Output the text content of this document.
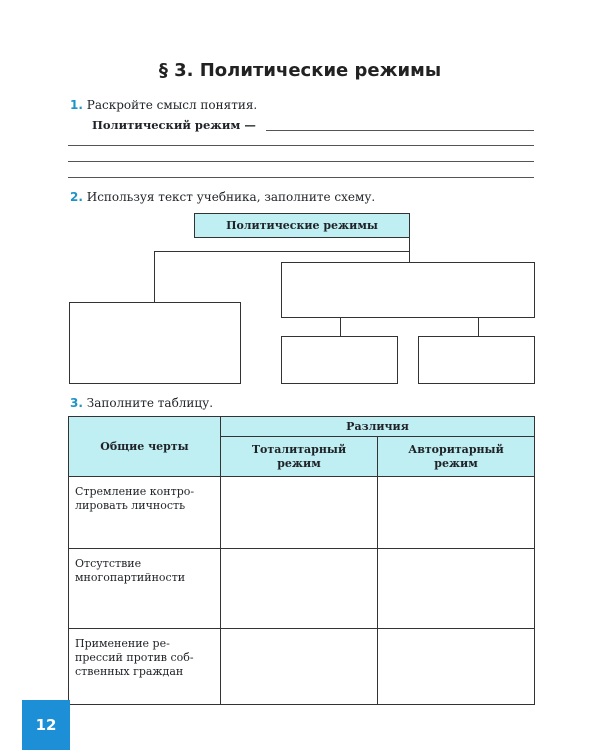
§ 3. Политические режимы
1. Раскройте смысл понятия.
Политический режим —
2. Используя текст учебника, заполните схему.
Политические режимы
3. Заполните таблицу.
Общие черты	Различия	
	Тоталитарный режим	Авторитарный режим
Стремление контро-лировать личность		
Отсутствие многопартийности		
Применение ре-прессий против соб-ственных граждан		
12
